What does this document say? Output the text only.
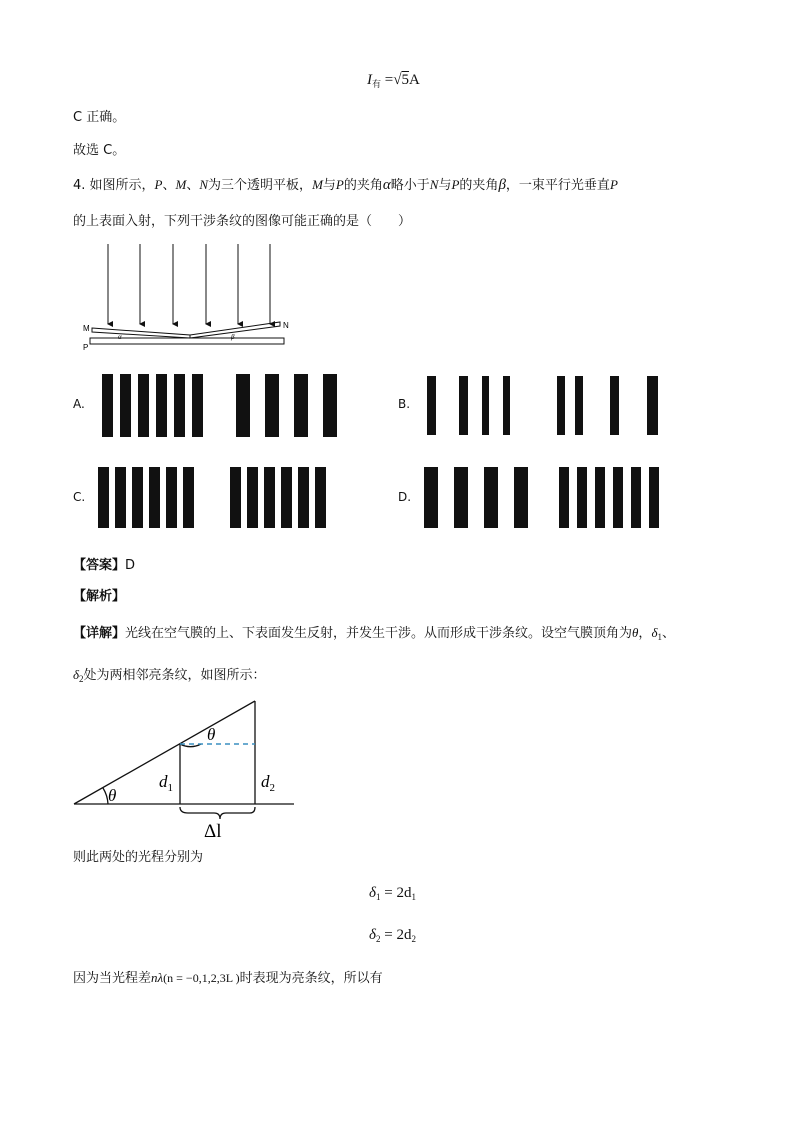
$I_有 =√5A$
C 正确。
故选 C。
4. 如图所示，P、M、N为三个透明平板，M与P的夹角α略小于N与P的夹角β，一束平行光垂直P
的上表面入射，下列干涉条纹的图像可能正确的是（　　）
M	N
P
α	β
A.	B.
C.	D.
【答案】D
【解析】
【详解】光线在空气膜的上、下表面发生反射，并发生干涉。从而形成干涉条纹。设空气膜顶角为θ，$\delta_1$、
$\delta_2$处为两相邻亮条纹，如图所示：
θ
θ
$d_1$	$d_2$
Δl
则此两处的光程分别为
$\delta_1 = 2d_1$
$\delta_2 = 2d_2$
因为当光程差nλ(n = −0,1,2,3L )时表现为亮条纹，所以有
